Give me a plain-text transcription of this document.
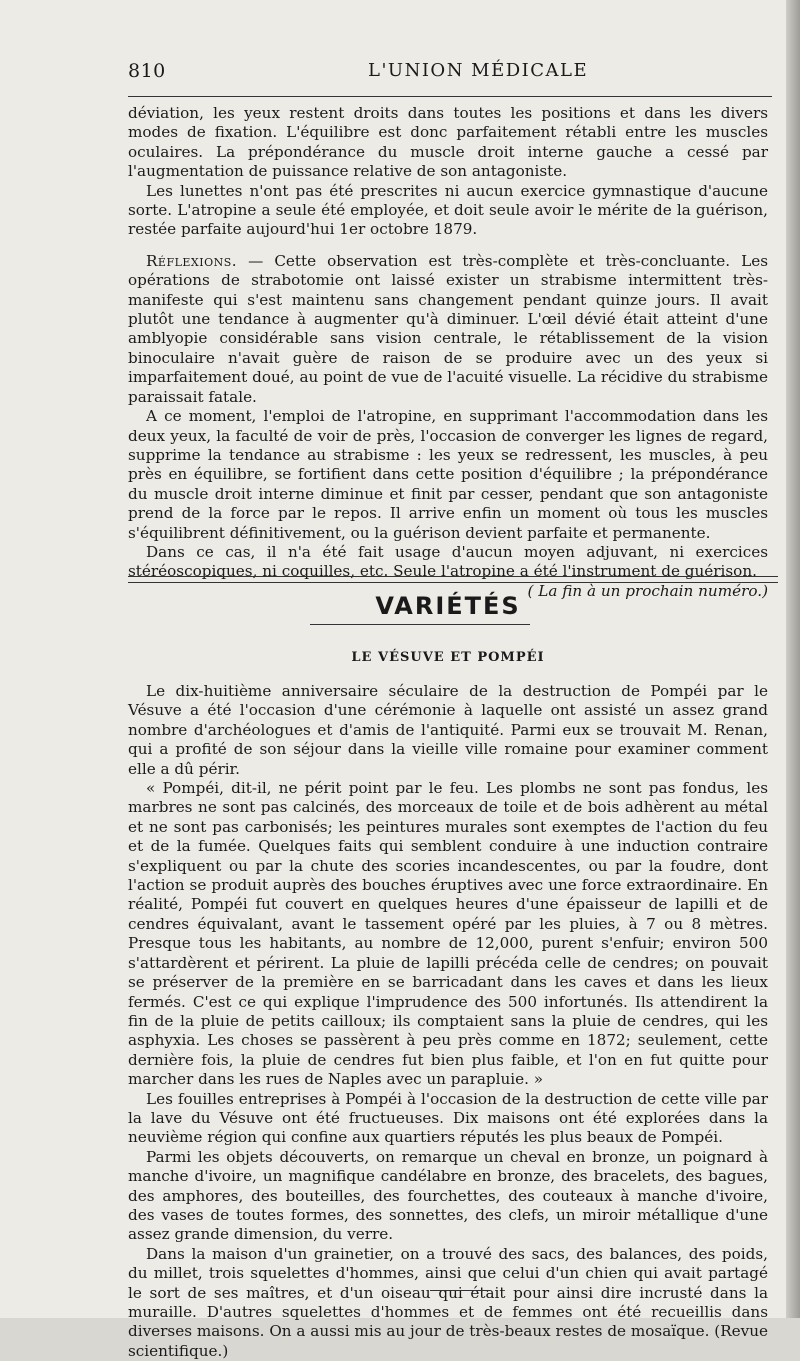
810	L'UNION MÉDICALE

déviation, les yeux restent droits dans toutes les positions et dans les divers modes de fixation. L'équilibre est donc parfaitement rétabli entre les muscles oculaires. La prépondérance du muscle droit interne gauche a cessé par l'augmentation de puissance relative de son antagoniste.

Les lunettes n'ont pas été prescrites ni aucun exercice gymnastique d'aucune sorte. L'atropine a seule été employée, et doit seule avoir le mérite de la guérison, restée parfaite aujourd'hui 1er octobre 1879.

Réflexions. — Cette observation est très-complète et très-concluante. Les opérations de strabotomie ont laissé exister un strabisme intermittent très-manifeste qui s'est maintenu sans changement pendant quinze jours. Il avait plutôt une tendance à augmenter qu'à diminuer. L'œil dévié était atteint d'une amblyopie considérable sans vision centrale, le rétablissement de la vision binoculaire n'avait guère de raison de se produire avec un des yeux si imparfaitement doué, au point de vue de l'acuité visuelle. La récidive du strabisme paraissait fatale.

A ce moment, l'emploi de l'atropine, en supprimant l'accommodation dans les deux yeux, la faculté de voir de près, l'occasion de converger les lignes de regard, supprime la tendance au strabisme : les yeux se redressent, les muscles, à peu près en équilibre, se fortifient dans cette position d'équilibre ; la prépondérance du muscle droit interne diminue et finit par cesser, pendant que son antagoniste prend de la force par le repos. Il arrive enfin un moment où tous les muscles s'équilibrent définitivement, ou la guérison devient parfaite et permanente.

Dans ce cas, il n'a été fait usage d'aucun moyen adjuvant, ni exercices stéréoscopiques, ni coquilles, etc. Seule l'atropine a été l'instrument de guérison.

( La fin à un prochain numéro.)

VARIÉTÉS
LE VÉSUVE ET POMPÉI

Le dix-huitième anniversaire séculaire de la destruction de Pompéi par le Vésuve a été l'occasion d'une cérémonie à laquelle ont assisté un assez grand nombre d'archéologues et d'amis de l'antiquité. Parmi eux se trouvait M. Renan, qui a profité de son séjour dans la vieille ville romaine pour examiner comment elle a dû périr.

« Pompéi, dit-il, ne périt point par le feu. Les plombs ne sont pas fondus, les marbres ne sont pas calcinés, des morceaux de toile et de bois adhèrent au métal et ne sont pas carbonisés; les peintures murales sont exemptes de l'action du feu et de la fumée. Quelques faits qui semblent conduire à une induction contraire s'expliquent ou par la chute des scories incandescentes, ou par la foudre, dont l'action se produit auprès des bouches éruptives avec une force extraordinaire. En réalité, Pompéi fut couvert en quelques heures d'une épaisseur de lapilli et de cendres équivalant, avant le tassement opéré par les pluies, à 7 ou 8 mètres. Presque tous les habitants, au nombre de 12,000, purent s'enfuir; environ 500 s'attardèrent et périrent. La pluie de lapilli précéda celle de cendres; on pouvait se préserver de la première en se barricadant dans les caves et dans les lieux fermés. C'est ce qui explique l'imprudence des 500 infortunés. Ils attendirent la fin de la pluie de petits cailloux; ils comptaient sans la pluie de cendres, qui les asphyxia. Les choses se passèrent à peu près comme en 1872; seulement, cette dernière fois, la pluie de cendres fut bien plus faible, et l'on en fut quitte pour marcher dans les rues de Naples avec un parapluie. »

Les fouilles entreprises à Pompéi à l'occasion de la destruction de cette ville par la lave du Vésuve ont été fructueuses. Dix maisons ont été explorées dans la neuvième région qui confine aux quartiers réputés les plus beaux de Pompéi.

Parmi les objets découverts, on remarque un cheval en bronze, un poignard à manche d'ivoire, un magnifique candélabre en bronze, des bracelets, des bagues, des amphores, des bouteilles, des fourchettes, des couteaux à manche d'ivoire, des vases de toutes formes, des sonnettes, des clefs, un miroir métallique d'une assez grande dimension, du verre.

Dans la maison d'un grainetier, on a trouvé des sacs, des balances, des poids, du millet, trois squelettes d'hommes, ainsi que celui d'un chien qui avait partagé le sort de ses maîtres, et d'un oiseau qui était pour ainsi dire incrusté dans la muraille. D'autres squelettes d'hommes et de femmes ont été recueillis dans diverses maisons. On a aussi mis au jour de très-beaux restes de mosaïque. (Revue scientifique.)
